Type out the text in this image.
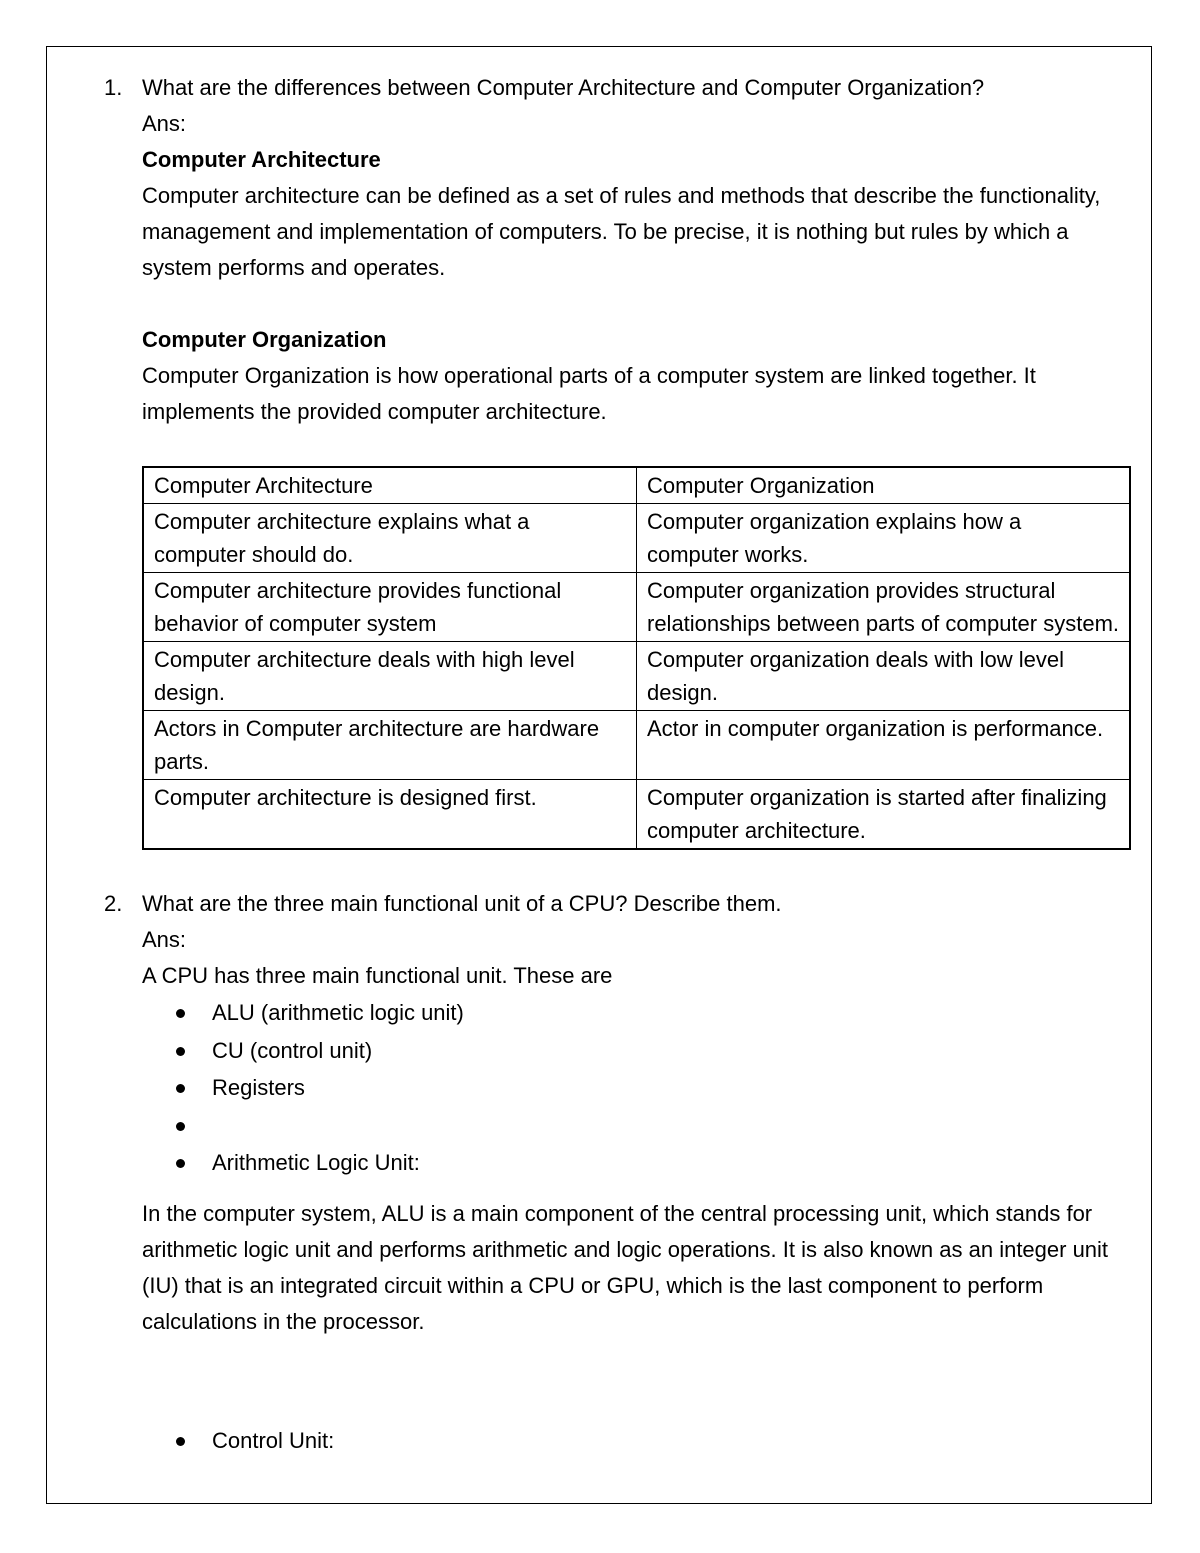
1. What are the differences between Computer Architecture and Computer Organization?
Ans:
Computer Architecture
Computer architecture can be defined as a set of rules and methods that describe the functionality, management and implementation of computers. To be precise, it is nothing but rules by which a system performs and operates.
Computer Organization
Computer Organization is how operational parts of a computer system are linked together. It implements the provided computer architecture.
Computer Architecture	Computer Organization
Computer architecture explains what a computer should do.	Computer organization explains how a computer works.
Computer architecture provides functional behavior of computer system	Computer organization provides structural relationships between parts of computer system.
Computer architecture deals with high level design.	Computer organization deals with low level design.
Actors in Computer architecture are hardware parts.	Actor in computer organization is performance.
Computer architecture is designed first.	Computer organization is started after finalizing computer architecture.
2. What are the three main functional unit of a CPU? Describe them.
Ans:
A CPU has three main functional unit. These are
ALU (arithmetic logic unit)
CU (control unit)
Registers
Arithmetic Logic Unit:
In the computer system, ALU is a main component of the central processing unit, which stands for arithmetic logic unit and performs arithmetic and logic operations. It is also known as an integer unit (IU) that is an integrated circuit within a CPU or GPU, which is the last component to perform calculations in the processor.
Control Unit:
